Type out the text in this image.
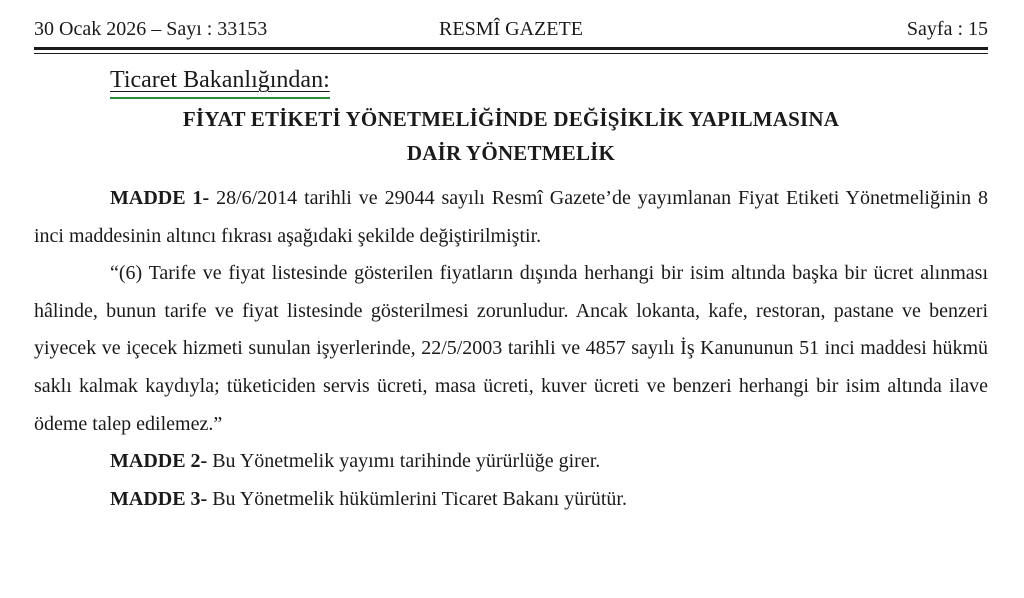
30 Ocak 2026 – Sayı : 33153	RESMÎ GAZETE	Sayfa : 15
Ticaret Bakanlığından:
FİYAT ETİKETİ YÖNETMELİĞİNDE DEĞİŞİKLİK YAPILMASINA
DAİR YÖNETMELİK

MADDE 1- 28/6/2014 tarihli ve 29044 sayılı Resmî Gazete’de yayımlanan Fiyat Etiketi Yönetmeliğinin 8 inci maddesinin altıncı fıkrası aşağıdaki şekilde değiştirilmiştir.

“(6) Tarife ve fiyat listesinde gösterilen fiyatların dışında herhangi bir isim altında başka bir ücret alınması hâlinde, bunun tarife ve fiyat listesinde gösterilmesi zorunludur. Ancak lokanta, kafe, restoran, pastane ve benzeri yiyecek ve içecek hizmeti sunulan işyerlerinde, 22/5/2003 tarihli ve 4857 sayılı İş Kanununun 51 inci maddesi hükmü saklı kalmak kaydıyla; tüketiciden servis ücreti, masa ücreti, kuver ücreti ve benzeri herhangi bir isim altında ilave ödeme talep edilemez.”

MADDE 2- Bu Yönetmelik yayımı tarihinde yürürlüğe girer.

MADDE 3- Bu Yönetmelik hükümlerini Ticaret Bakanı yürütür.
